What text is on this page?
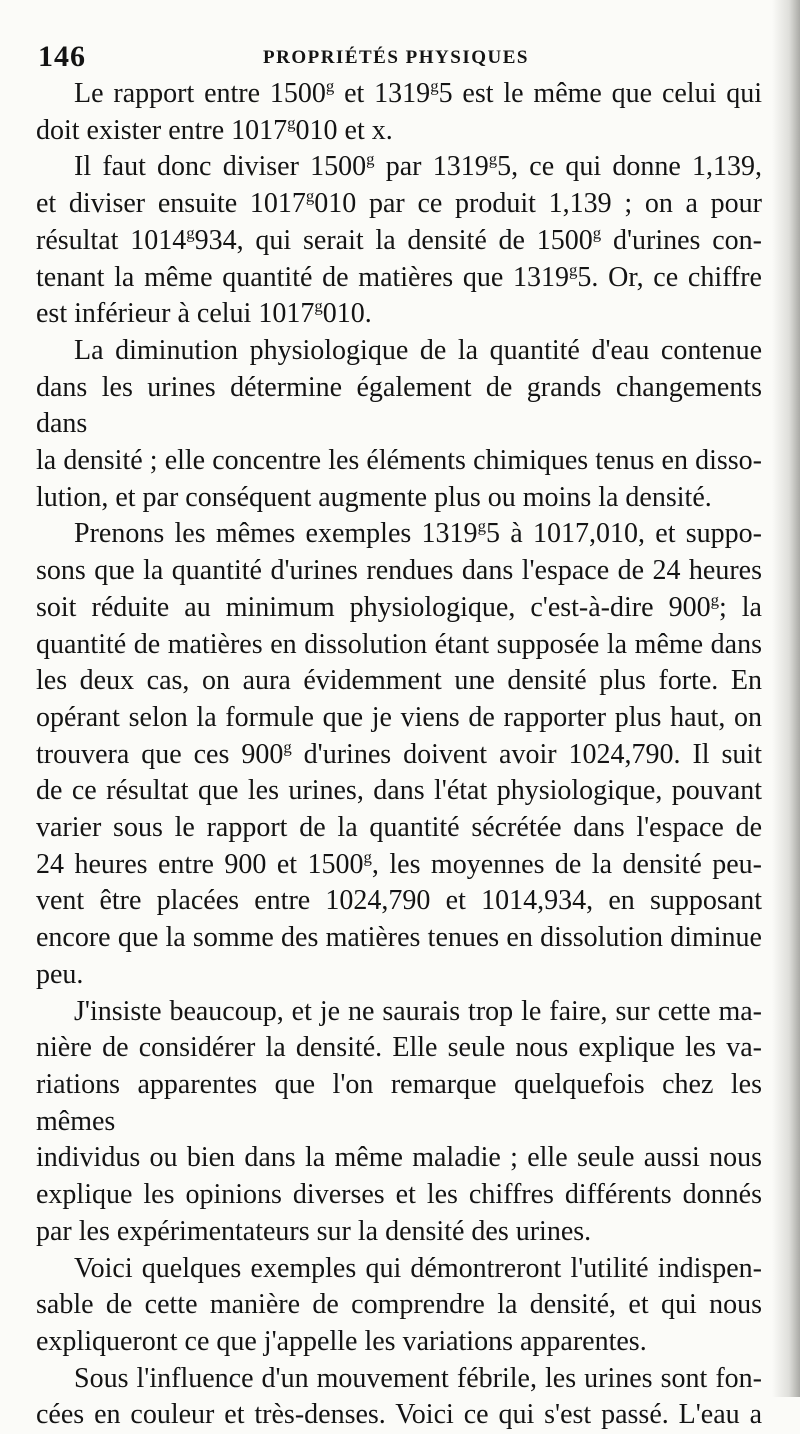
146	PROPRIÉTÉS PHYSIQUES

Le rapport entre 1500$^g$ et 1319$^g$5 est le même que celui qui

doit exister entre 1017$^g$010 et x.

Il faut donc diviser 1500$^g$ par 1319$^g$5, ce qui donne 1,139,

et diviser ensuite 1017$^g$010 par ce produit 1,139 ; on a pour

résultat 1014$^g$934, qui serait la densité de 1500$^g$ d'urines con-

tenant la même quantité de matières que 1319$^g$5. Or, ce chiffre

est inférieur à celui 1017$^g$010.

La diminution physiologique de la quantité d'eau contenue

dans les urines détermine également de grands changements dans

la densité ; elle concentre les éléments chimiques tenus en disso-

lution, et par conséquent augmente plus ou moins la densité.

Prenons les mêmes exemples 1319$^g$5 à 1017,010, et suppo-

sons que la quantité d'urines rendues dans l'espace de 24 heures

soit réduite au minimum physiologique, c'est-à-dire 900$^g$; la

quantité de matières en dissolution étant supposée la même dans

les deux cas, on aura évidemment une densité plus forte. En

opérant selon la formule que je viens de rapporter plus haut, on

trouvera que ces 900$^g$ d'urines doivent avoir 1024,790. Il suit

de ce résultat que les urines, dans l'état physiologique, pouvant

varier sous le rapport de la quantité sécrétée dans l'espace de

24 heures entre 900 et 1500$^g$, les moyennes de la densité peu-

vent être placées entre 1024,790 et 1014,934, en supposant

encore que la somme des matières tenues en dissolution diminue

peu.

J'insiste beaucoup, et je ne saurais trop le faire, sur cette ma-

nière de considérer la densité. Elle seule nous explique les va-

riations apparentes que l'on remarque quelquefois chez les mêmes

individus ou bien dans la même maladie ; elle seule aussi nous

explique les opinions diverses et les chiffres différents donnés

par les expérimentateurs sur la densité des urines.

Voici quelques exemples qui démontreront l'utilité indispen-

sable de cette manière de comprendre la densité, et qui nous

expliqueront ce que j'appelle les variations apparentes.

Sous l'influence d'un mouvement fébrile, les urines sont fon-

cées en couleur et très-denses. Voici ce qui s'est passé. L'eau a
